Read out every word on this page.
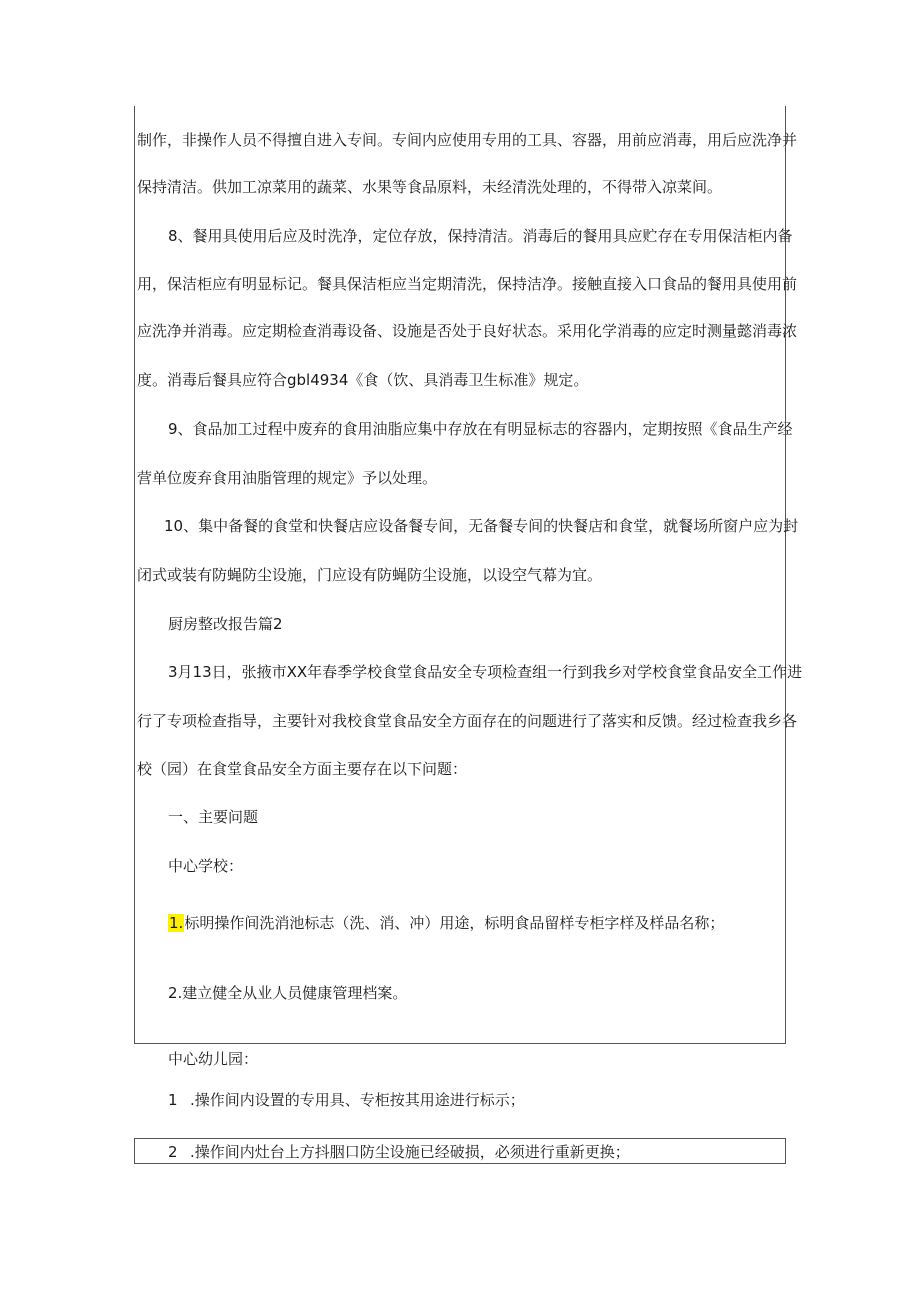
制作，非操作人员不得擅自进入专间。专间内应使用专用的工具、容器，用前应消毒，用后应洗净并
保持清洁。供加工凉菜用的蔬菜、水果等食品原料，未经清洗处理的，不得带入凉菜间。
8、餐用具使用后应及时洗净，定位存放，保持清洁。消毒后的餐用具应贮存在专用保洁柜内备
用，保洁柜应有明显标记。餐具保洁柜应当定期清洗，保持洁净。接触直接入口食品的餐用具使用前
应洗净并消毒。应定期检查消毒设备、设施是否处于良好状态。采用化学消毒的应定时测量懿消毒浓
度。消毒后餐具应符合gbl4934《食（饮、具消毒卫生标准》规定。
9、食品加工过程中废弃的食用油脂应集中存放在有明显标志的容器内，定期按照《食品生产经
营单位废弃食用油脂管理的规定》予以处理。
10、集中备餐的食堂和快餐店应设备餐专间，无备餐专间的快餐店和食堂，就餐场所窗户应为封
闭式或装有防蝇防尘设施，门应设有防蝇防尘设施，以设空气幕为宜。
厨房整改报告篇2
3月13日，张掖市XX年春季学校食堂食品安全专项检查组一行到我乡对学校食堂食品安全工作进
行了专项检查指导，主要针对我校食堂食品安全方面存在的问题进行了落实和反馈。经过检查我乡各
校（园）在食堂食品安全方面主要存在以下问题：
一、主要问题
中心学校：
1.标明操作间洗消池标志（洗、消、冲）用途，标明食品留样专柜字样及样品名称；
2.建立健全从业人员健康管理档案。
中心幼儿园：
1 .操作间内设置的专用具、专柜按其用途进行标示；
2 .操作间内灶台上方抖胭口防尘设施已经破损，必须进行重新更换；
